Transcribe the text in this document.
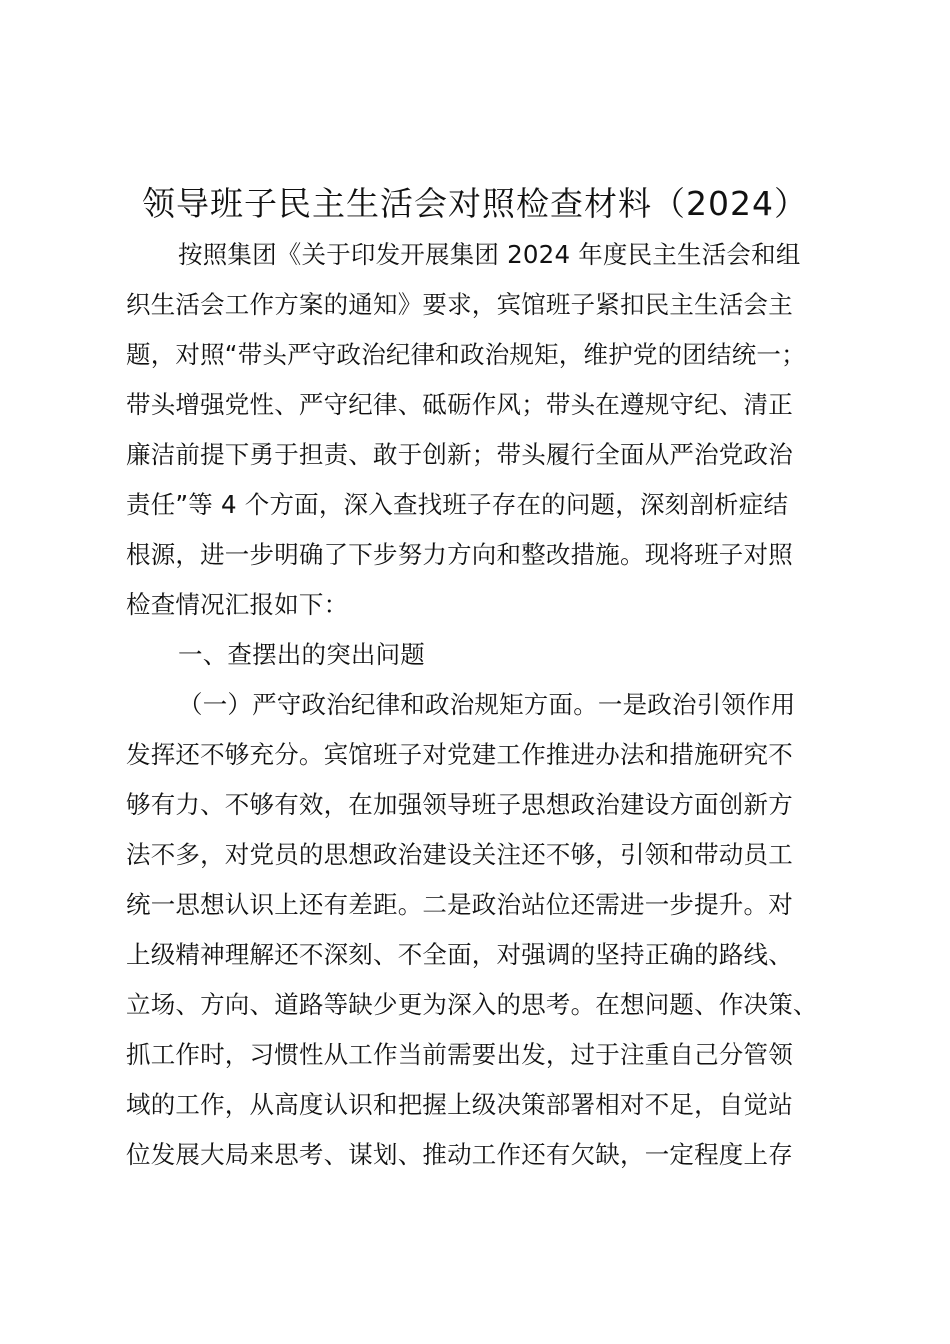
领导班子民主生活会对照检查材料（2024）
按照集团《关于印发开展集团 2024 年度民主生活会和组
织生活会工作方案的通知》要求，宾馆班子紧扣民主生活会主
题，对照“带头严守政治纪律和政治规矩，维护党的团结统一；
带头增强党性、严守纪律、砥砺作风；带头在遵规守纪、清正
廉洁前提下勇于担责、敢于创新；带头履行全面从严治党政治
责任”等 4 个方面，深入查找班子存在的问题，深刻剖析症结
根源，进一步明确了下步努力方向和整改措施。现将班子对照
检查情况汇报如下：
一、查摆出的突出问题
（一）严守政治纪律和政治规矩方面。一是政治引领作用
发挥还不够充分。宾馆班子对党建工作推进办法和措施研究不
够有力、不够有效，在加强领导班子思想政治建设方面创新方
法不多，对党员的思想政治建设关注还不够，引领和带动员工
统一思想认识上还有差距。二是政治站位还需进一步提升。对
上级精神理解还不深刻、不全面，对强调的坚持正确的路线、
立场、方向、道路等缺少更为深入的思考。在想问题、作决策、
抓工作时，习惯性从工作当前需要出发，过于注重自己分管领
域的工作，从高度认识和把握上级决策部署相对不足，自觉站
位发展大局来思考、谋划、推动工作还有欠缺，一定程度上存
